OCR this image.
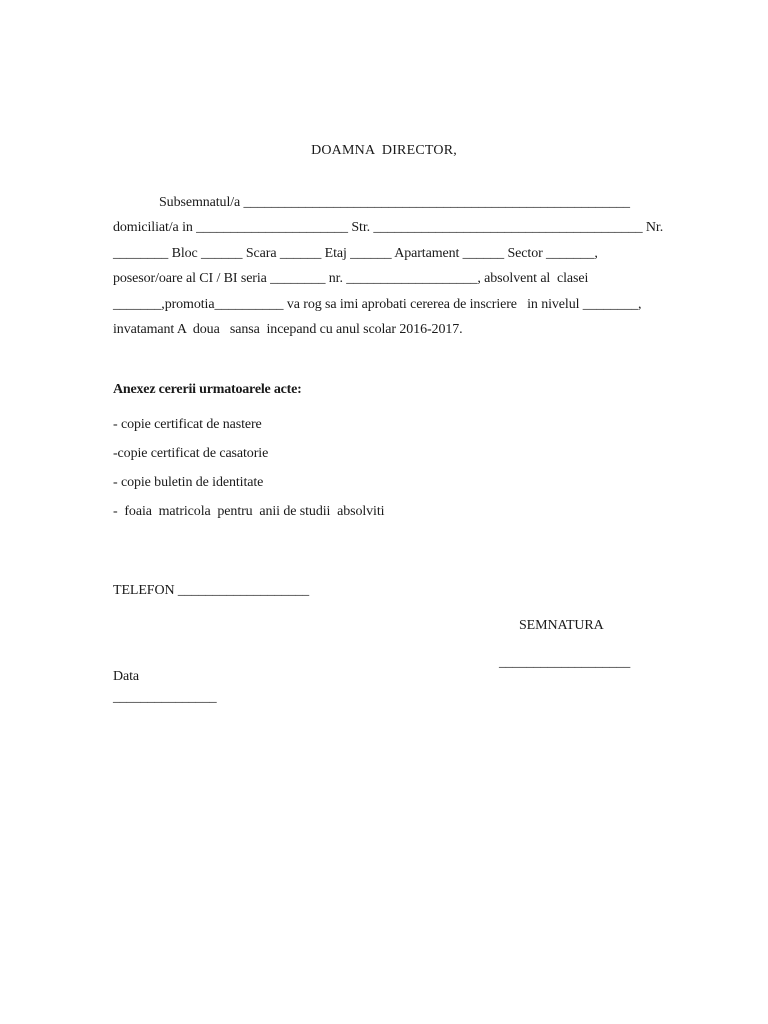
DOAMNA  DIRECTOR,
Subsemnatul/a ________________________________________________________
domiciliat/a in ______________________ Str. _______________________________________ Nr.
________ Bloc ______ Scara ______ Etaj ______ Apartament ______ Sector _______,
posesor/oare al CI / BI seria ________ nr. ___________________, absolvent al  clasei
_______,promotia__________ va rog sa imi aprobati cererea de inscriere   in nivelul ________,
invatamant A  doua   sansa  incepand cu anul scolar 2016-2017.
Anexez cererii urmatoarele acte:
- copie certificat de nastere
-copie certificat de casatorie
- copie buletin de identitate
-  foaia  matricola  pentru  anii de studii  absolviti
TELEFON ___________________
SEMNATURA
___________________
Data
_______________
